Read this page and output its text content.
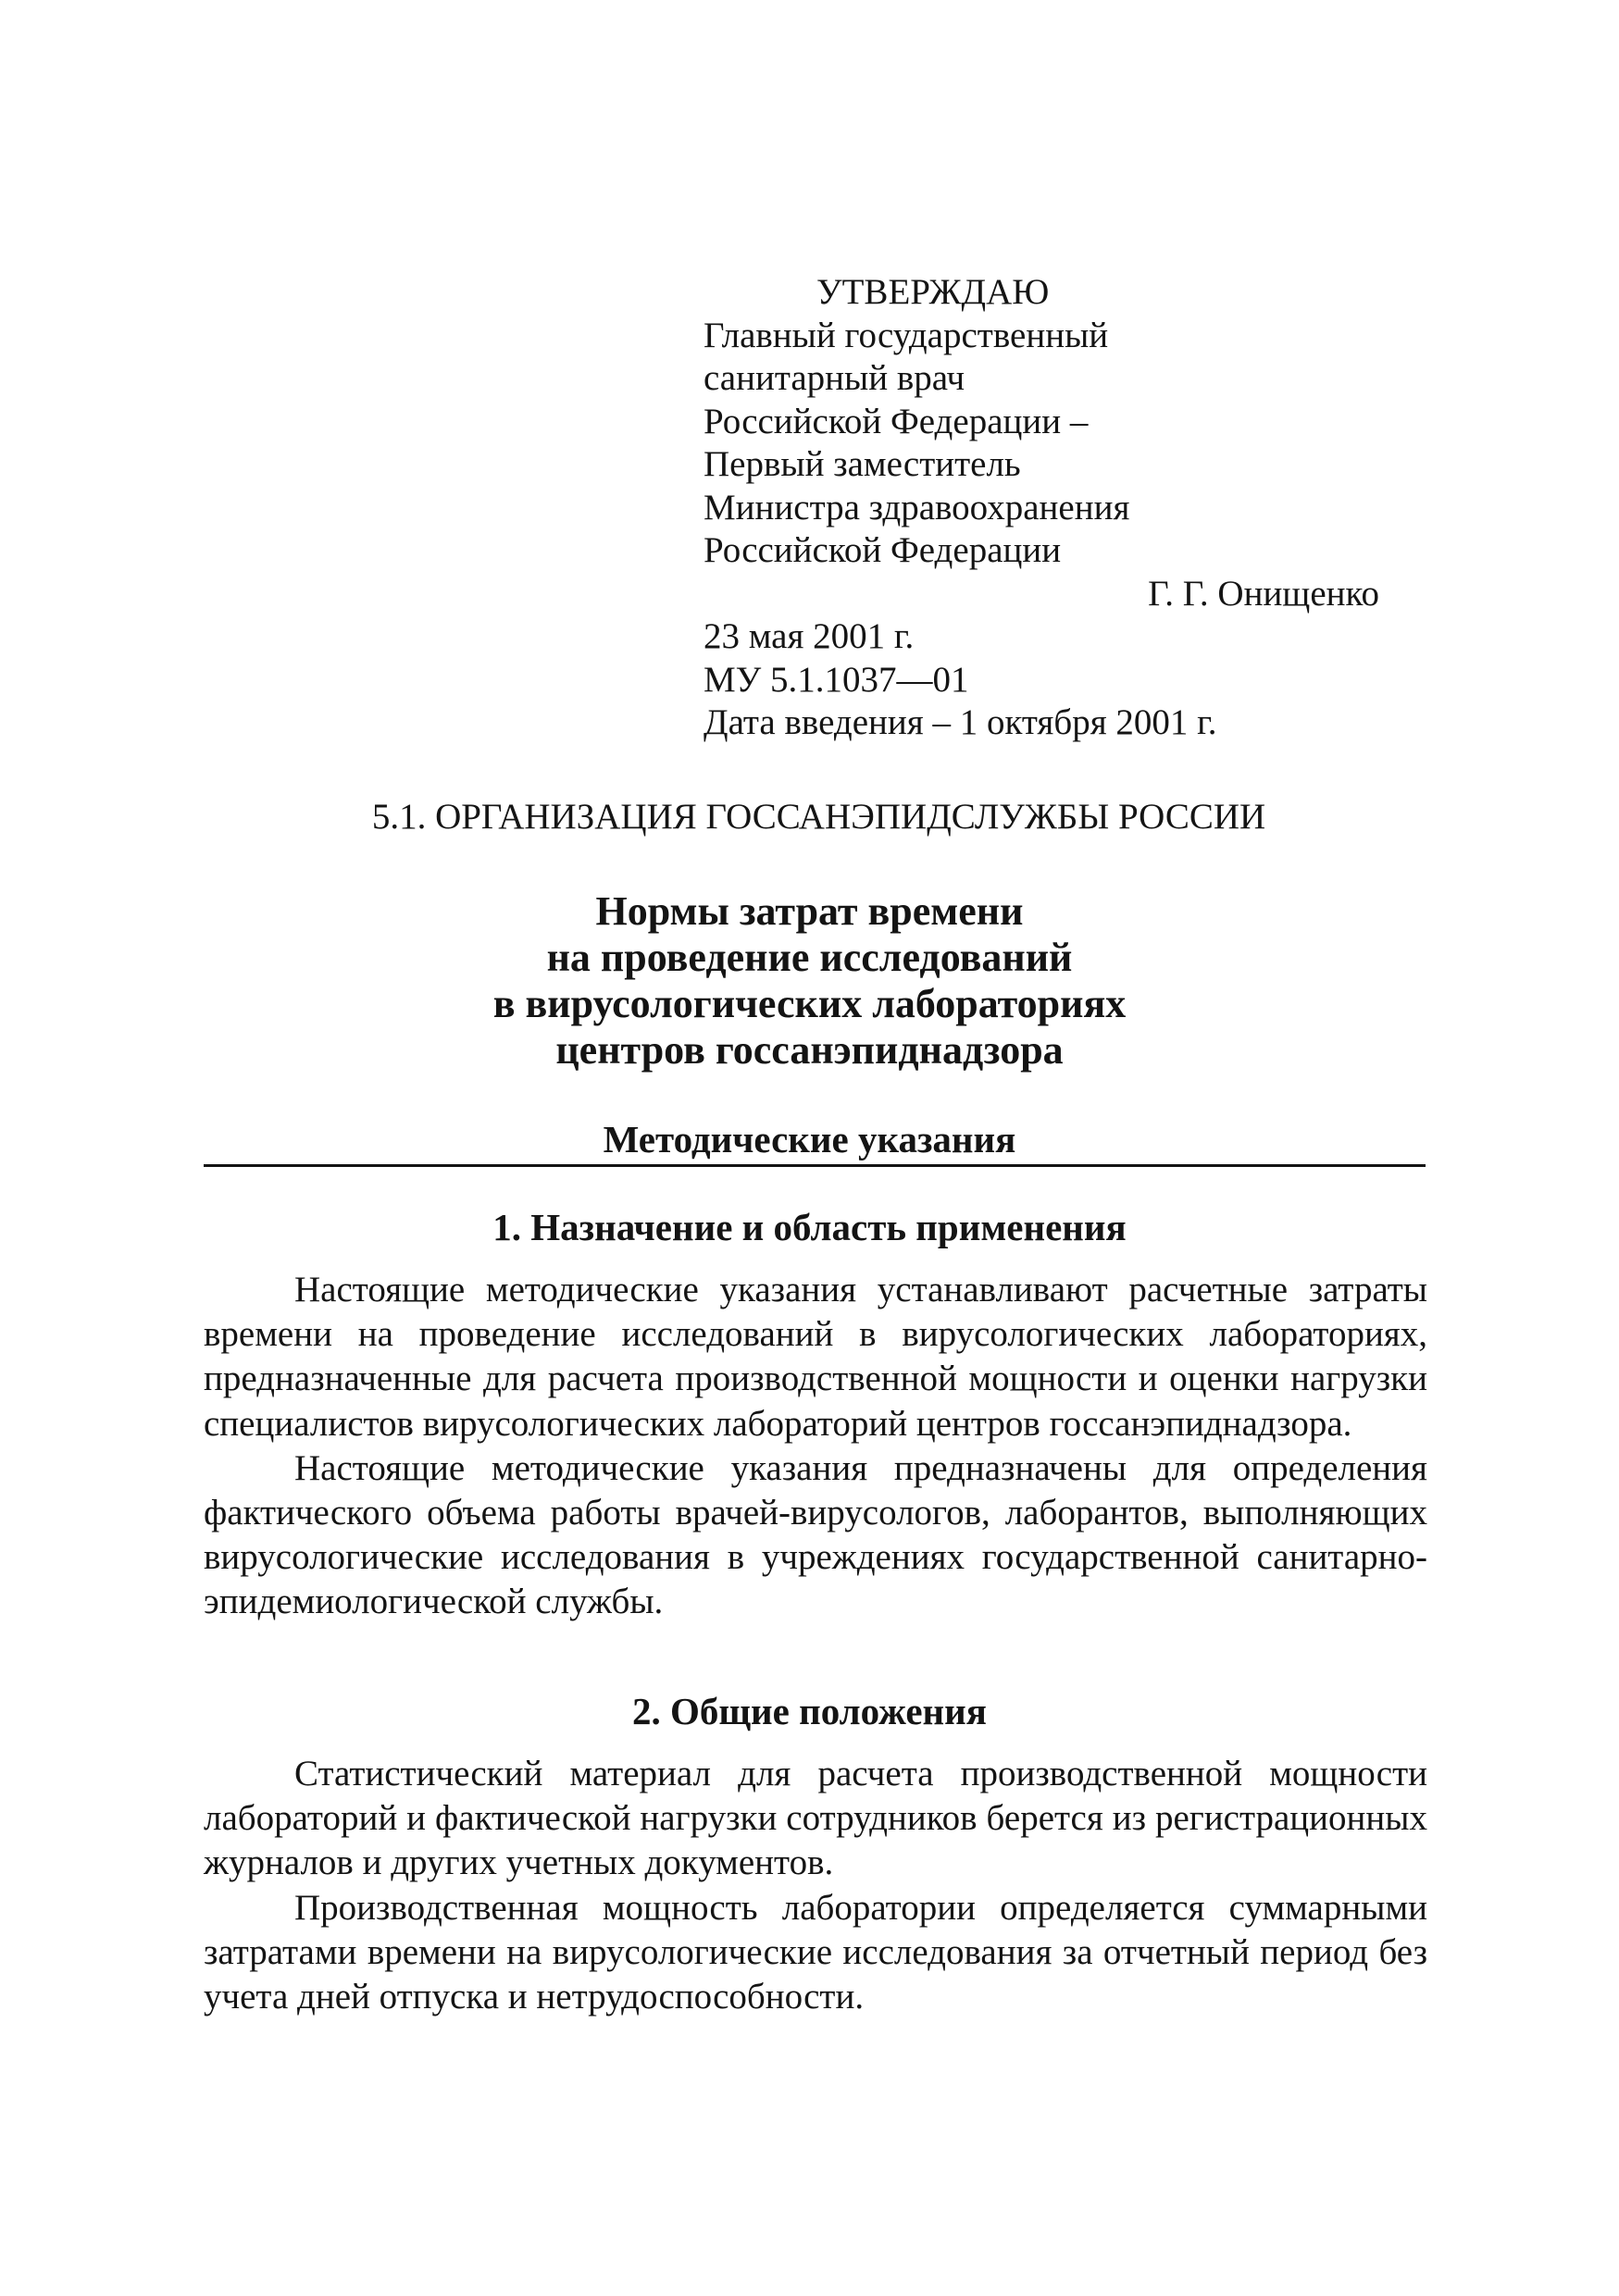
УТВЕРЖДАЮ
Главный государственный
санитарный врач
Российской Федерации –
Первый заместитель
Министра здравоохранения
Российской Федерации
Г. Г. Онищенко
23 мая 2001 г.
МУ 5.1.1037—01
Дата введения – 1 октября 2001 г.
5.1. ОРГАНИЗАЦИЯ ГОССАНЭПИДСЛУЖБЫ РОССИИ
Нормы затрат времени
на проведение исследований
в вирусологических лабораториях
центров госсанэпиднадзора
Методические указания
1. Назначение и область применения

Настоящие методические указания устанавливают расчетные затраты времени на проведение исследований в вирусологических лабораториях, предназначенные для расчета производственной мощности и оценки нагрузки специалистов вирусологических лабораторий центров госсанэпиднадзора.

Настоящие методические указания предназначены для определения фактического объема работы врачей-вирусологов, лаборантов, выполняющих вирусологические исследования в учреждениях государственной санитарно-эпидемиологической службы.

2. Общие положения

Статистический материал для расчета производственной мощности лабораторий и фактической нагрузки сотрудников берется из регистрационных журналов и других учетных документов.

Производственная мощность лаборатории определяется суммарными затратами времени на вирусологические исследования за отчетный период без учета дней отпуска и нетрудоспособности.
